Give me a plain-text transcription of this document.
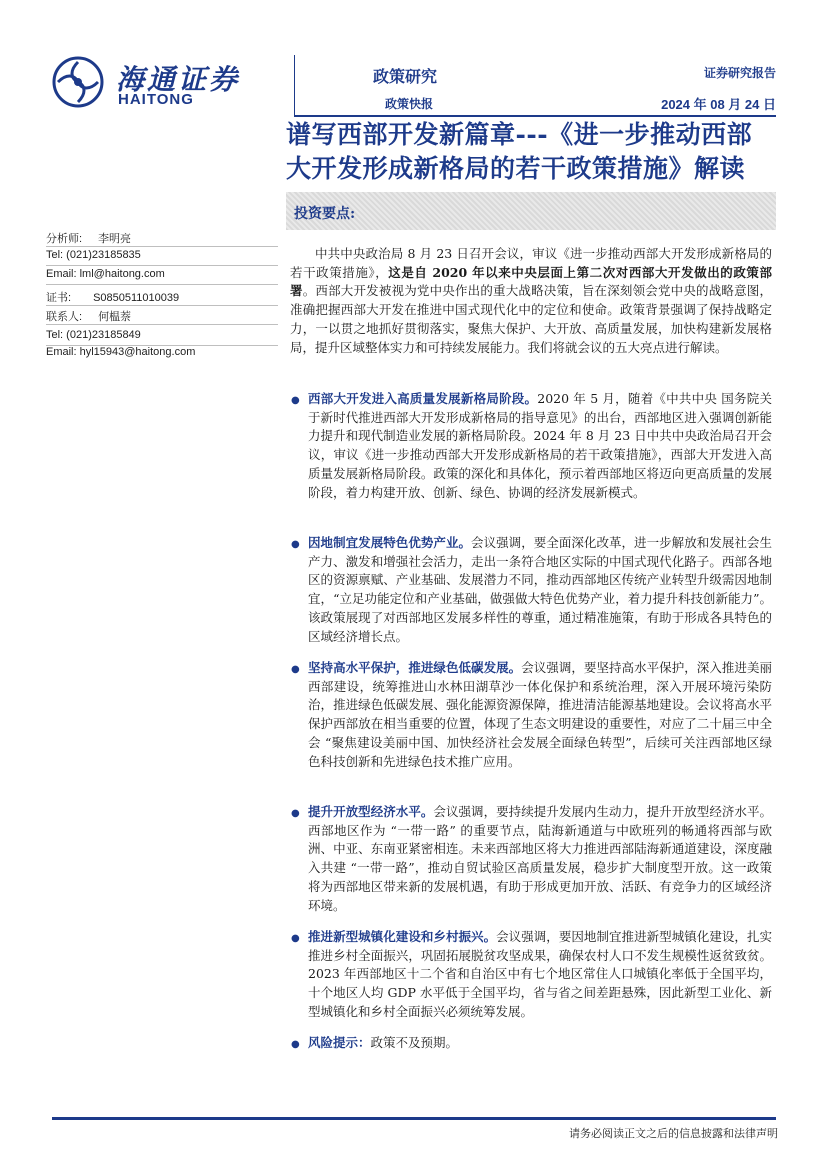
海通证券
HAITONG
政策研究
政策快报
证券研究报告
2024 年 08 月 24 日
谱写西部开发新篇章---《进一步推动西部
大开发形成新格局的若干政策措施》解读
投资要点:
分析师: 李明亮
Tel: (021)23185835
Email: lml@haitong.com
证书: S0850511010039
联系人: 何榅萘
Tel: (021)23185849
Email: hyl15943@haitong.com

中共中央政治局 8 月 23 日召开会议，审议《进一步推动西部大开发形成新格局的若干政策措施》，这是自 2020 年以来中央层面上第二次对西部大开发做出的政策部署。西部大开发被视为党中央作出的重大战略决策，旨在深刻领会党中央的战略意图，准确把握西部大开发在推进中国式现代化中的定位和使命。政策背景强调了保持战略定力，一以贯之地抓好贯彻落实，聚焦大保护、大开放、高质量发展，加快构建新发展格局，提升区域整体实力和可持续发展能力。我们将就会议的五大亮点进行解读。

● 西部大开发进入高质量发展新格局阶段。2020 年 5 月，随着《中共中央 国务院关于新时代推进西部大开发形成新格局的指导意见》的出台，西部地区进入强调创新能力提升和现代制造业发展的新格局阶段。2024 年 8 月 23 日中共中央政治局召开会议，审议《进一步推动西部大开发形成新格局的若干政策措施》，西部大开发进入高质量发展新格局阶段。政策的深化和具体化，预示着西部地区将迈向更高质量的发展阶段，着力构建开放、创新、绿色、协调的经济发展新模式。

● 因地制宜发展特色优势产业。会议强调，要全面深化改革，进一步解放和发展社会生产力、激发和增强社会活力，走出一条符合地区实际的中国式现代化路子。西部各地区的资源禀赋、产业基础、发展潜力不同，推动西部地区传统产业转型升级需因地制宜，“立足功能定位和产业基础，做强做大特色优势产业，着力提升科技创新能力”。该政策展现了对西部地区发展多样性的尊重，通过精准施策，有助于形成各具特色的区域经济增长点。

● 坚持高水平保护，推进绿色低碳发展。会议强调，要坚持高水平保护，深入推进美丽西部建设，统筹推进山水林田湖草沙一体化保护和系统治理，深入开展环境污染防治，推进绿色低碳发展、强化能源资源保障，推进清洁能源基地建设。会议将高水平保护西部放在相当重要的位置，体现了生态文明建设的重要性，对应了二十届三中全会 “聚焦建设美丽中国、加快经济社会发展全面绿色转型”，后续可关注西部地区绿色科技创新和先进绿色技术推广应用。

● 提升开放型经济水平。会议强调，要持续提升发展内生动力，提升开放型经济水平。西部地区作为 “一带一路” 的重要节点，陆海新通道与中欧班列的畅通将西部与欧洲、中亚、东南亚紧密相连。未来西部地区将大力推进西部陆海新通道建设，深度融入共建 “一带一路”，推动自贸试验区高质量发展，稳步扩大制度型开放。这一政策将为西部地区带来新的发展机遇，有助于形成更加开放、活跃、有竞争力的区域经济环境。

● 推进新型城镇化建设和乡村振兴。会议强调，要因地制宜推进新型城镇化建设，扎实推进乡村全面振兴，巩固拓展脱贫攻坚成果，确保农村人口不发生规模性返贫致贫。2023 年西部地区十二个省和自治区中有七个地区常住人口城镇化率低于全国平均，十个地区人均 GDP 水平低于全国平均，省与省之间差距悬殊，因此新型工业化、新型城镇化和乡村全面振兴必须统筹发展。

● 风险提示：政策不及预期。

请务必阅读正文之后的信息披露和法律声明
